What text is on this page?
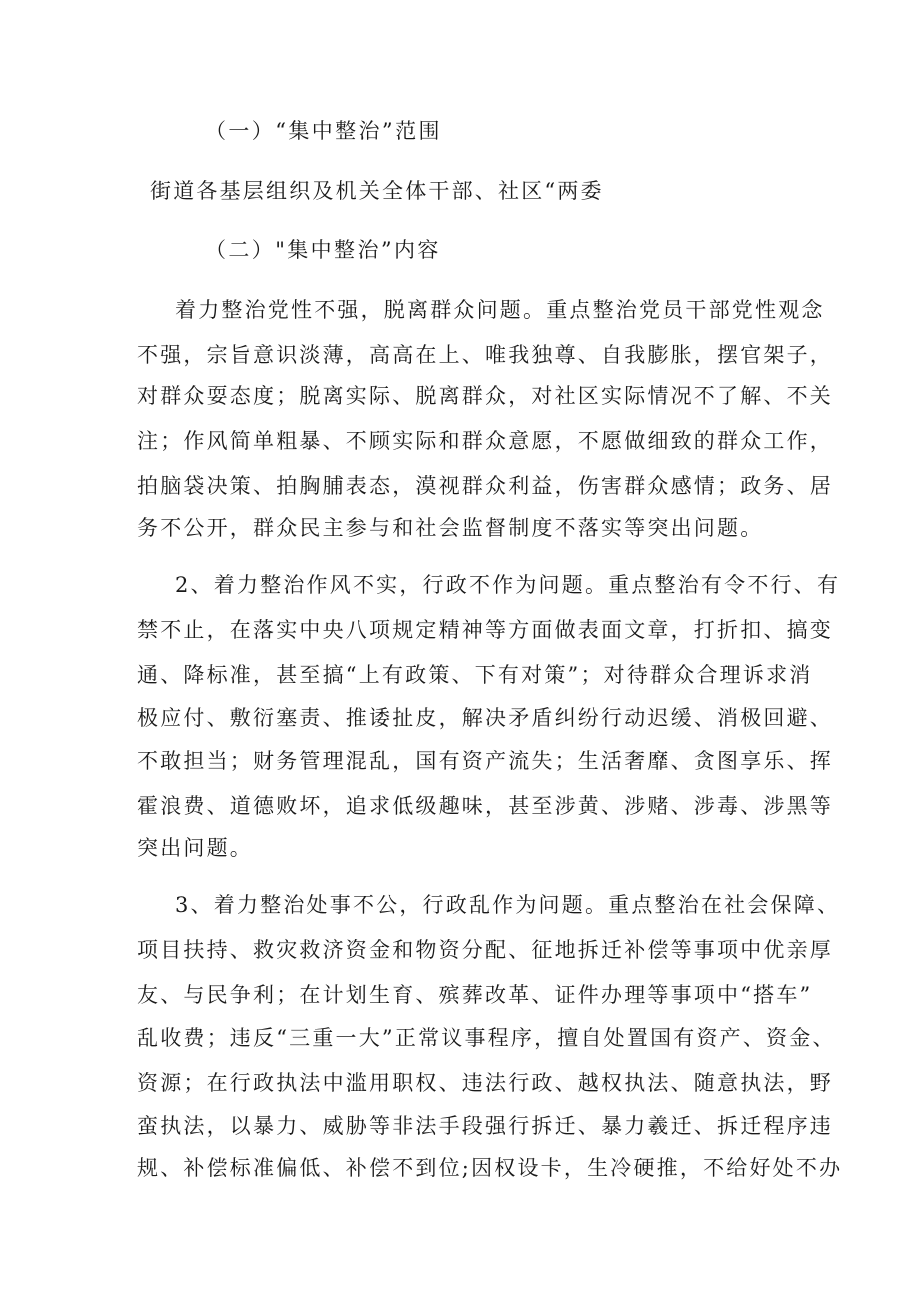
（一）“集中整治”范围
街道各基层组织及机关全体干部、社区“两委
（二）"集中整治”内容
着力整治党性不强，脱离群众问题。重点整治党员干部党性观念
不强，宗旨意识淡薄，高高在上、唯我独尊、自我膨胀，摆官架子，
对群众耍态度；脱离实际、脱离群众，对社区实际情况不了解、不关
注；作风简单粗暴、不顾实际和群众意愿，不愿做细致的群众工作，
拍脑袋决策、拍胸脯表态，漠视群众利益，伤害群众感情；政务、居
务不公开，群众民主参与和社会监督制度不落实等突出问题。
2、着力整治作风不实，行政不作为问题。重点整治有令不行、有
禁不止，在落实中央八项规定精神等方面做表面文章，打折扣、搞变
通、降标准，甚至搞“上有政策、下有对策”；对待群众合理诉求消
极应付、敷衍塞责、推诿扯皮，解决矛盾纠纷行动迟缓、消极回避、
不敢担当；财务管理混乱，国有资产流失；生活奢靡、贪图享乐、挥
霍浪费、道德败坏，追求低级趣味，甚至涉黄、涉赌、涉毒、涉黑等
突出问题。
3、着力整治处事不公，行政乱作为问题。重点整治在社会保障、
项目扶持、救灾救济资金和物资分配、征地拆迁补偿等事项中优亲厚
友、与民争利；在计划生育、殡葬改革、证件办理等事项中“搭车”
乱收费；违反“三重一大”正常议事程序，擅自处置国有资产、资金、
资源；在行政执法中滥用职权、违法行政、越权执法、随意执法，野
蛮执法，以暴力、威胁等非法手段强行拆迁、暴力羲迁、拆迁程序违
规、补偿标准偏低、补偿不到位;因权设卡，生冷硬推，不给好处不办
